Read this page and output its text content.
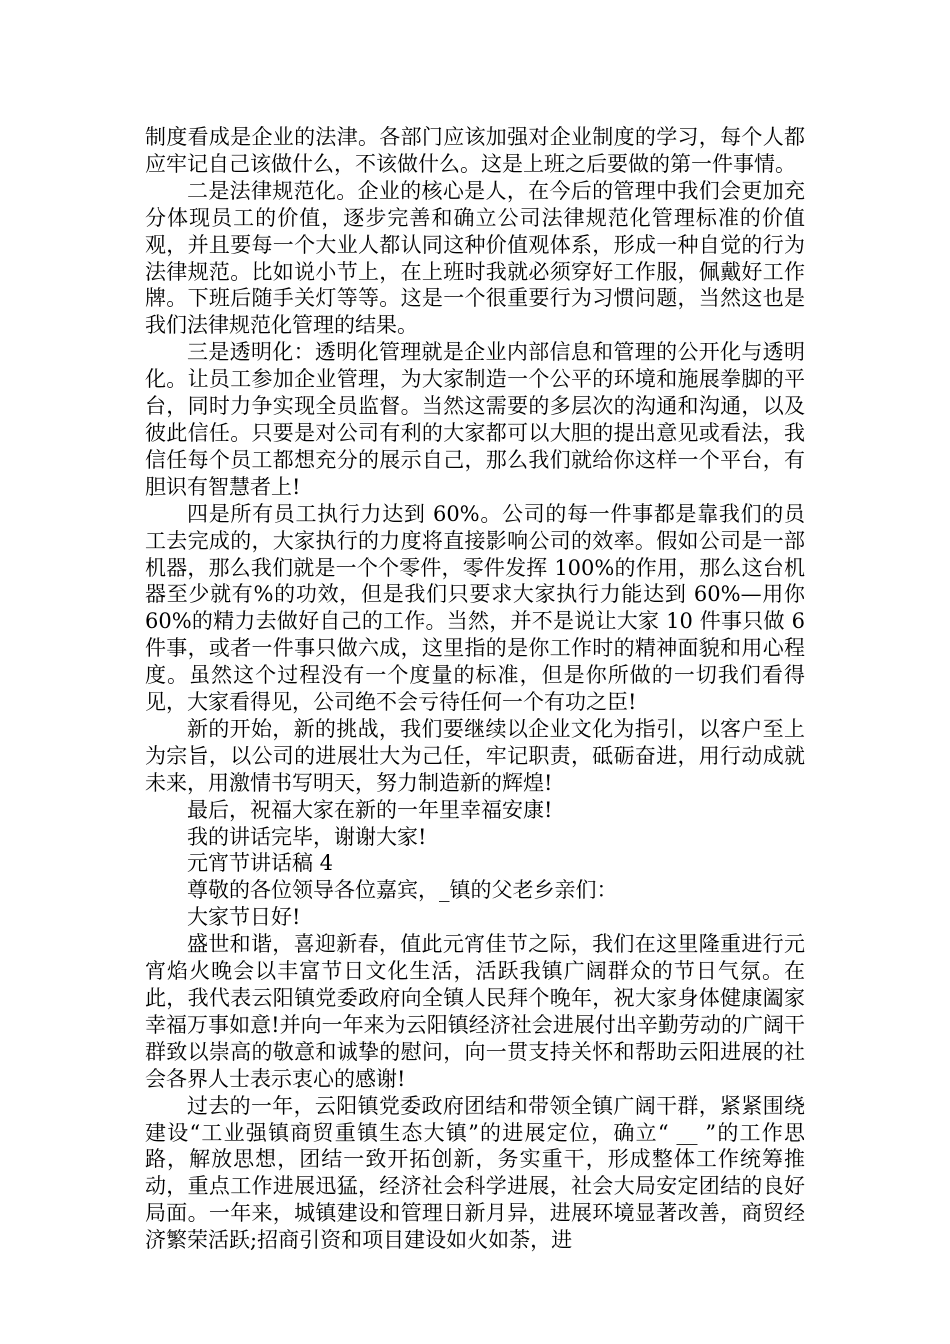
制度看成是企业的法津。各部门应该加强对企业制度的学习，每个人都应牢记自己该做什么，不该做什么。这是上班之后要做的第一件事情。

二是法律规范化。企业的核心是人，在今后的管理中我们会更加充分体现员工的价值，逐步完善和确立公司法律规范化管理标准的价值观，并且要每一个大业人都认同这种价值观体系，形成一种自觉的行为法律规范。比如说小节上，在上班时我就必须穿好工作服，佩戴好工作牌。下班后随手关灯等等。这是一个很重要行为习惯问题，当然这也是我们法律规范化管理的结果。

三是透明化：透明化管理就是企业内部信息和管理的公开化与透明化。让员工参加企业管理，为大家制造一个公平的环境和施展拳脚的平台，同时力争实现全员监督。当然这需要的多层次的沟通和沟通，以及彼此信任。只要是对公司有利的大家都可以大胆的提出意见或看法，我信任每个员工都想充分的展示自己，那么我们就给你这样一个平台，有胆识有智慧者上!

四是所有员工执行力达到 60%。公司的每一件事都是靠我们的员工去完成的，大家执行的力度将直接影响公司的效率。假如公司是一部机器，那么我们就是一个个零件，零件发挥 100%的作用，那么这台机器至少就有%的功效，但是我们只要求大家执行力能达到 60%—用你 60%的精力去做好自己的工作。当然，并不是说让大家 10 件事只做 6 件事，或者一件事只做六成，这里指的是你工作时的精神面貌和用心程度。虽然这个过程没有一个度量的标准，但是你所做的一切我们看得见，大家看得见，公司绝不会亏待任何一个有功之臣!

新的开始，新的挑战，我们要继续以企业文化为指引，以客户至上为宗旨，以公司的进展壮大为己任，牢记职责，砥砺奋进，用行动成就未来，用激情书写明天，努力制造新的辉煌!

最后，祝福大家在新的一年里幸福安康!

我的讲话完毕，谢谢大家!

元宵节讲话稿 4

尊敬的各位领导各位嘉宾，_镇的父老乡亲们：

大家节日好!

盛世和谐，喜迎新春，值此元宵佳节之际，我们在这里隆重进行元宵焰火晚会以丰富节日文化生活，活跃我镇广阔群众的节日气氛。在此，我代表云阳镇党委政府向全镇人民拜个晚年，祝大家身体健康阖家幸福万事如意!并向一年来为云阳镇经济社会进展付出辛勤劳动的广阔干群致以崇高的敬意和诚挚的慰问，向一贯支持关怀和帮助云阳进展的社会各界人士表示衷心的感谢!

过去的一年，云阳镇党委政府团结和带领全镇广阔干群，紧紧围绕建设“工业强镇商贸重镇生态大镇”的进展定位，确立“ __ ”的工作思路，解放思想，团结一致开拓创新，务实重干，形成整体工作统筹推动，重点工作进展迅猛，经济社会科学进展，社会大局安定团结的良好局面。一年来，城镇建设和管理日新月异，进展环境显著改善，商贸经济繁荣活跃;招商引资和项目建设如火如荼，进
